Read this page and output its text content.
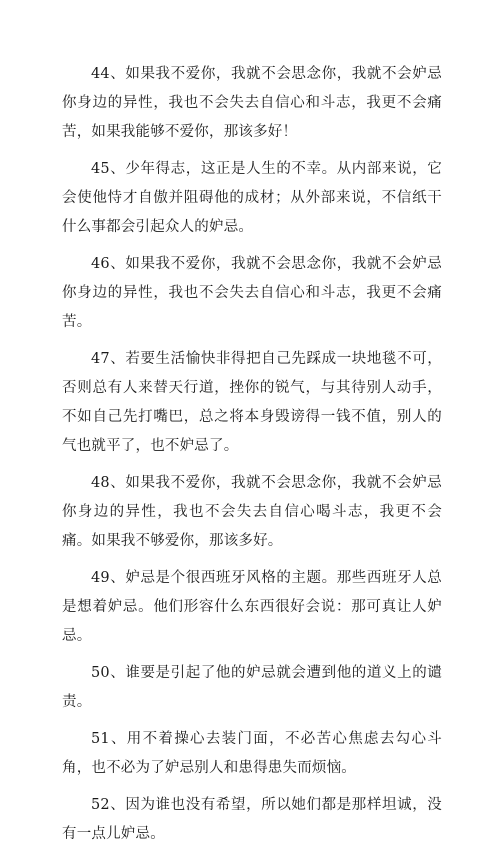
44、如果我不爱你，我就不会思念你，我就不会妒忌你身边的异性，我也不会失去自信心和斗志，我更不会痛苦，如果我能够不爱你，那该多好！

45、少年得志，这正是人生的不幸。从内部来说，它会使他恃才自傲并阻碍他的成材；从外部来说，不信纸干什么事都会引起众人的妒忌。

46、如果我不爱你，我就不会思念你，我就不会妒忌你身边的异性，我也不会失去自信心和斗志，我更不会痛苦。

47、若要生活愉快非得把自己先踩成一块地毯不可，否则总有人来替天行道，挫你的锐气，与其待别人动手，不如自己先打嘴巴，总之将本身毁谤得一钱不值，别人的气也就平了，也不妒忌了。

48、如果我不爱你，我就不会思念你，我就不会妒忌你身边的异性，我也不会失去自信心喝斗志，我更不会痛。如果我不够爱你，那该多好。

49、妒忌是个很西班牙风格的主题。那些西班牙人总是想着妒忌。他们形容什么东西很好会说：那可真让人妒忌。

50、谁要是引起了他的妒忌就会遭到他的道义上的谴责。

51、用不着操心去装门面，不必苦心焦虑去勾心斗角，也不必为了妒忌别人和患得患失而烦恼。

52、因为谁也没有希望，所以她们都是那样坦诚，没有一点儿妒忌。
